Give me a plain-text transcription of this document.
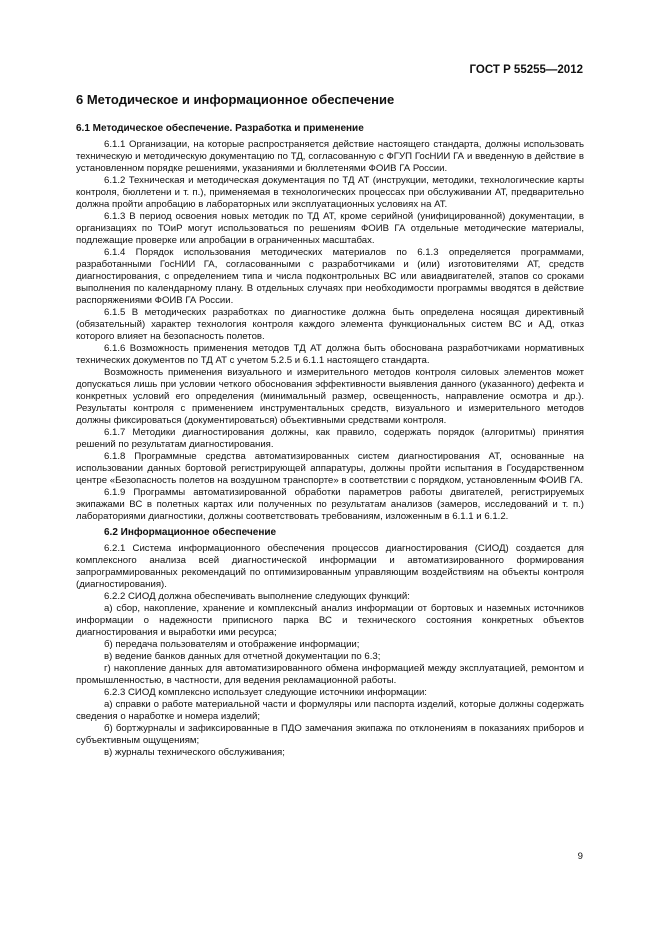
ГОСТ Р 55255—2012
6 Методическое и информационное обеспечение
6.1 Методическое обеспечение. Разработка и применение

6.1.1 Организации, на которые распространяется действие настоящего стандарта, должны использовать техническую и методическую документацию по ТД, согласованную с ФГУП ГосНИИ ГА и введенную в действие в установленном порядке решениями, указаниями и бюллетенями ФОИВ ГА России.

6.1.2 Техническая и методическая документация по ТД АТ (инструкции, методики, технологические карты контроля, бюллетени и т. п.), применяемая в технологических процессах при обслуживании АТ, предварительно должна пройти апробацию в лабораторных или эксплуатационных условиях на АТ.

6.1.3 В период освоения новых методик по ТД АТ, кроме серийной (унифицированной) документации, в организациях по ТОиР могут использоваться по решениям ФОИВ ГА отдельные методические материалы, подлежащие проверке или апробации в ограниченных масштабах.

6.1.4 Порядок использования методических материалов по 6.1.3 определяется программами, разработанными ГосНИИ ГА, согласованными с разработчиками и (или) изготовителями АТ, средств диагностирования, с определением типа и числа подконтрольных ВС или авиадвигателей, этапов со сроками выполнения по календарному плану. В отдельных случаях при необходимости программы вводятся в действие распоряжениями ФОИВ ГА России.

6.1.5 В методических разработках по диагностике должна быть определена носящая директивный (обязательный) характер технология контроля каждого элемента функциональных систем ВС и АД, отказ которого влияет на безопасность полетов.

6.1.6 Возможность применения методов ТД АТ должна быть обоснована разработчиками нормативных технических документов по ТД АТ с учетом 5.2.5 и 6.1.1 настоящего стандарта.

Возможность применения визуального и измерительного методов контроля силовых элементов может допускаться лишь при условии четкого обоснования эффективности выявления данного (указанного) дефекта и конкретных условий его определения (минимальный размер, освещенность, направление осмотра и др.). Результаты контроля с применением инструментальных средств, визуального и измерительного методов должны фиксироваться (документироваться) объективными средствами контроля.

6.1.7 Методики диагностирования должны, как правило, содержать порядок (алгоритмы) принятия решений по результатам диагностирования.

6.1.8 Программные средства автоматизированных систем диагностирования АТ, основанные на использовании данных бортовой регистрирующей аппаратуры, должны пройти испытания в Государственном центре «Безопасность полетов на воздушном транспорте» в соответствии с порядком, установленным ФОИВ ГА.

6.1.9 Программы автоматизированной обработки параметров работы двигателей, регистрируемых экипажами ВС в полетных картах или полученных по результатам анализов (замеров, исследований и т. п.) лабораториями диагностики, должны соответствовать требованиям, изложенным в 6.1.1 и 6.1.2.

6.2 Информационное обеспечение

6.2.1 Система информационного обеспечения процессов диагностирования (СИОД) создается для комплексного анализа всей диагностической информации и автоматизированного формирования запрограммированных рекомендаций по оптимизированным управляющим воздействиям на объекты контроля (диагностирования).

6.2.2 СИОД должна обеспечивать выполнение следующих функций:

а) сбор, накопление, хранение и комплексный анализ информации от бортовых и наземных источников информации о надежности приписного парка ВС и технического состояния конкретных объектов диагностирования и выработки ими ресурса;

б) передача пользователям и отображение информации;

в) ведение банков данных для отчетной документации по 6.3;

г) накопление данных для автоматизированного обмена информацией между эксплуатацией, ремонтом и промышленностью, в частности, для ведения рекламационной работы.

6.2.3 СИОД комплексно использует следующие источники информации:

а) справки о работе материальной части и формуляры или паспорта изделий, которые должны содержать сведения о наработке и номера изделий;

б) бортжурналы и зафиксированные в ПДО замечания экипажа по отклонениям в показаниях приборов и субъективным ощущениям;

в) журналы технического обслуживания;

9
